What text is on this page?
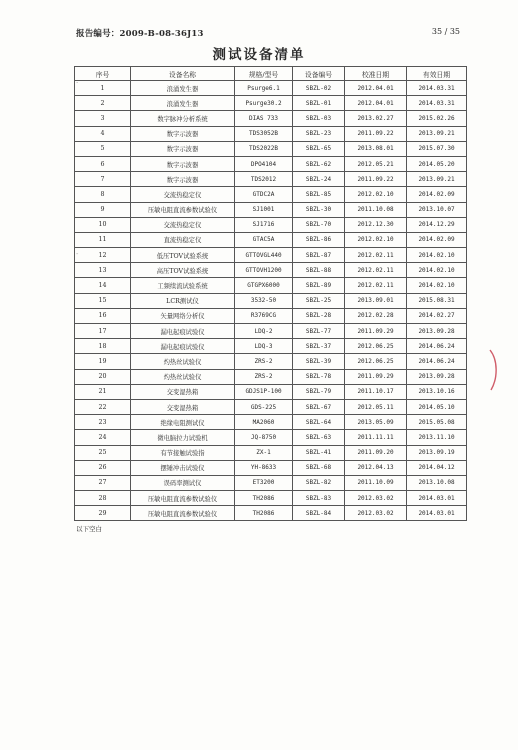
报告编号：2009-B-08-36J13	35 / 35
测试设备清单
·
-
序号	设备名称	规格/型号	设备编号	校准日期	有效日期
1	浪涌发生器	Psurge6.1	SBZL-02	2012.04.01	2014.03.31
2	浪涌发生器	Psurge30.2	SBZL-01	2012.04.01	2014.03.31
3	数字脉冲分析系统	DIAS 733	SBZL-03	2013.02.27	2015.02.26
4	数字示波器	TDS3052B	SBZL-23	2011.09.22	2013.09.21
5	数字示波器	TDS2022B	SBZL-65	2013.08.01	2015.07.30
6	数字示波器	DPO4104	SBZL-62	2012.05.21	2014.05.20
7	数字示波器	TDS2012	SBZL-24	2011.09.22	2013.09.21
8	交流热稳定仪	GTDC2A	SBZL-85	2012.02.10	2014.02.09
9	压敏电阻直流参数试验仪	SJ1001	SBZL-30	2011.10.08	2013.10.07
10	交流热稳定仪	SJ1716	SBZL-70	2012.12.30	2014.12.29
11	直流热稳定仪	GTAC5A	SBZL-86	2012.02.10	2014.02.09
12	低压TOV试验系统	GTTOVGL440	SBZL-87	2012.02.11	2014.02.10
13	高压TOV试验系统	GTTOVH1200	SBZL-88	2012.02.11	2014.02.10
14	工频续流试验系统	GTGPX6000	SBZL-89	2012.02.11	2014.02.10
15	LCR测试仪	3532-50	SBZL-25	2013.09.01	2015.08.31
16	矢量网络分析仪	R3769CG	SBZL-28	2012.02.28	2014.02.27
17	漏电起痕试验仪	LDQ-2	SBZL-77	2011.09.29	2013.09.28
18	漏电起痕试验仪	LDQ-3	SBZL-37	2012.06.25	2014.06.24
19	灼热丝试验仪	ZRS-2	SBZL-39	2012.06.25	2014.06.24
20	灼热丝试验仪	ZRS-2	SBZL-78	2011.09.29	2013.09.28
21	交变湿热箱	GDJS1P-100	SBZL-79	2011.10.17	2013.10.16
22	交变湿热箱	GDS-225	SBZL-67	2012.05.11	2014.05.10
23	绝缘电阻测试仪	MA2060	SBZL-64	2013.05.09	2015.05.08
24	微电脑拉力试验机	JQ-8750	SBZL-63	2011.11.11	2013.11.10
25	有节接触试验指	ZX-1	SBZL-41	2011.09.20	2013.09.19
26	摆锤冲击试验仪	YH-8633	SBZL-68	2012.04.13	2014.04.12
27	误码率测试仪	ET3200	SBZL-82	2011.10.09	2013.10.08
28	压敏电阻直流参数试验仪	TH2086	SBZL-83	2012.03.02	2014.03.01
29	压敏电阻直流参数试验仪	TH2086	SBZL-84	2012.03.02	2014.03.01
以下空白
